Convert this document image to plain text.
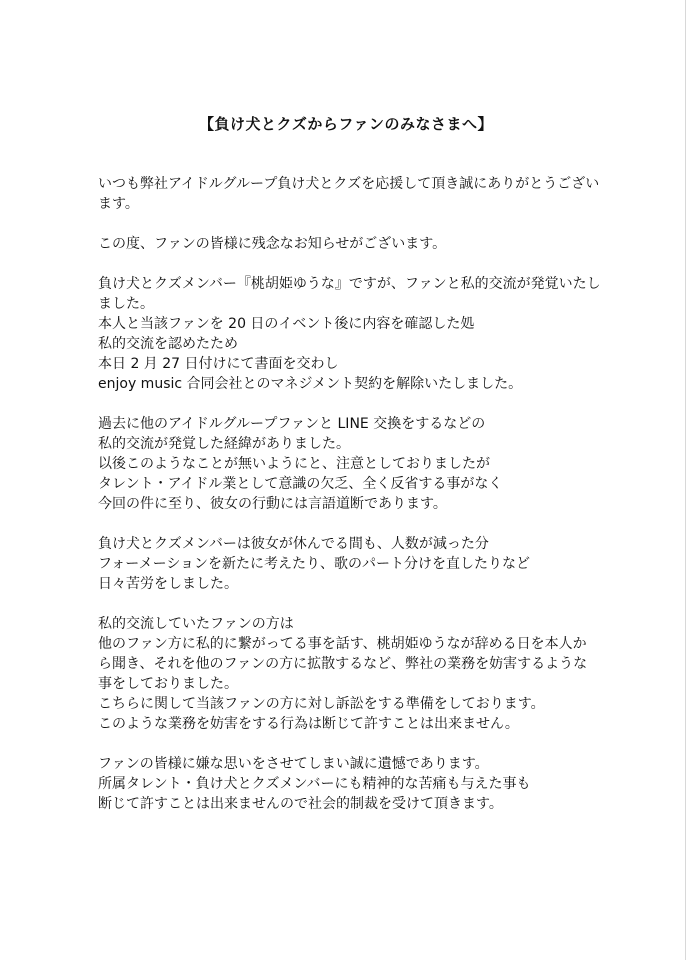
【負け犬とクズからファンのみなさまへ】

いつも弊社アイドルグループ負け犬とクズを応援して頂き誠にありがとうござい
ます。

この度、ファンの皆様に残念なお知らせがございます。

負け犬とクズメンバー『桃胡姫ゆうな』ですが、ファンと私的交流が発覚いたし
ました。
本人と当該ファンを 20 日のイベント後に内容を確認した処
私的交流を認めたため
本日 2 月 27 日付けにて書面を交わし
enjoy music 合同会社とのマネジメント契約を解除いたしました。

過去に他のアイドルグループファンと LINE 交換をするなどの
私的交流が発覚した経緯がありました。
以後このようなことが無いようにと、注意としておりましたが
タレント・アイドル業として意識の欠乏、全く反省する事がなく
今回の件に至り、彼女の行動には言語道断であります。

負け犬とクズメンバーは彼女が休んでる間も、人数が減った分
フォーメーションを新たに考えたり、歌のパート分けを直したりなど
日々苦労をしました。

私的交流していたファンの方は
他のファン方に私的に繋がってる事を話す、桃胡姫ゆうなが辞める日を本人か
ら聞き、それを他のファンの方に拡散するなど、弊社の業務を妨害するような
事をしておりました。
こちらに関して当該ファンの方に対し訴訟をする準備をしております。
このような業務を妨害をする行為は断じて許すことは出来ません。

ファンの皆様に嫌な思いをさせてしまい誠に遺憾であります。
所属タレント・負け犬とクズメンバーにも精神的な苦痛も与えた事も
断じて許すことは出来ませんので社会的制裁を受けて頂きます。
